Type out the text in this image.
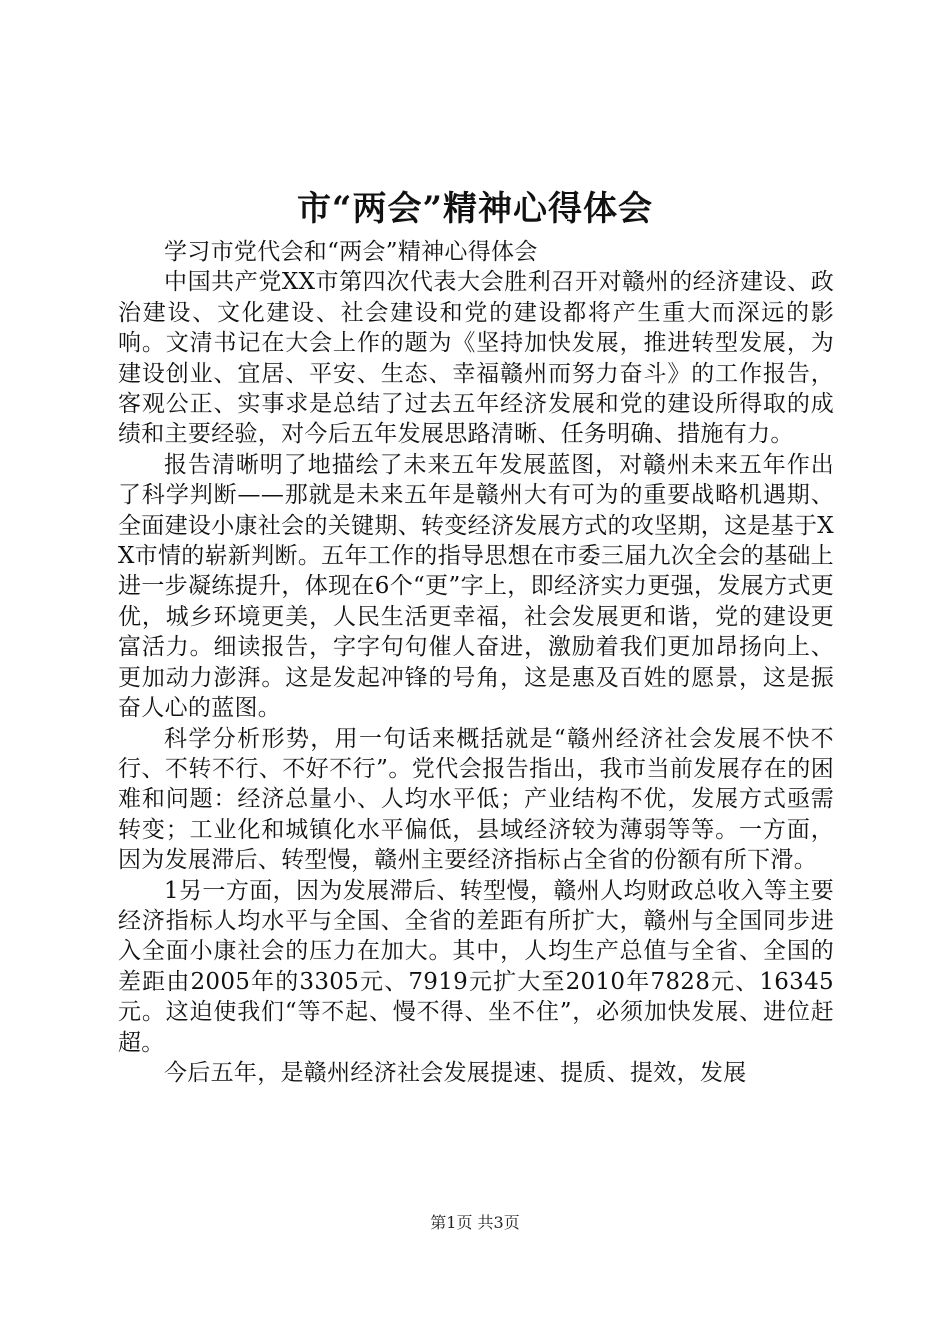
市“两会”精神心得体会

学习市党代会和“两会”精神心得体会

中国共产党XX市第四次代表大会胜利召开对赣州的经济建设、政治建设、文化建设、社会建设和党的建设都将产生重大而深远的影响。文清书记在大会上作的题为《坚持加快发展，推进转型发展，为建设创业、宜居、平安、生态、幸福赣州而努力奋斗》的工作报告，客观公正、实事求是总结了过去五年经济发展和党的建设所得取的成绩和主要经验，对今后五年发展思路清晰、任务明确、措施有力。

报告清晰明了地描绘了未来五年发展蓝图，对赣州未来五年作出了科学判断——那就是未来五年是赣州大有可为的重要战略机遇期、全面建设小康社会的关键期、转变经济发展方式的攻坚期，这是基于XX市情的崭新判断。五年工作的指导思想在市委三届九次全会的基础上进一步凝练提升，体现在6个“更”字上，即经济实力更强，发展方式更优，城乡环境更美，人民生活更幸福，社会发展更和谐，党的建设更富活力。细读报告，字字句句催人奋进，激励着我们更加昂扬向上、更加动力澎湃。这是发起冲锋的号角，这是惠及百姓的愿景，这是振奋人心的蓝图。

科学分析形势，用一句话来概括就是“赣州经济社会发展不快不行、不转不行、不好不行”。党代会报告指出，我市当前发展存在的困难和问题：经济总量小、人均水平低；产业结构不优，发展方式亟需转变；工业化和城镇化水平偏低，县域经济较为薄弱等等。一方面，因为发展滞后、转型慢，赣州主要经济指标占全省的份额有所下滑。

1另一方面，因为发展滞后、转型慢，赣州人均财政总收入等主要经济指标人均水平与全国、全省的差距有所扩大，赣州与全国同步进入全面小康社会的压力在加大。其中，人均生产总值与全省、全国的差距由2005年的3305元、7919元扩大至2010年7828元、16345元。这迫使我们“等不起、慢不得、坐不住”，必须加快发展、进位赶超。

今后五年，是赣州经济社会发展提速、提质、提效，发展

第1页 共3页
